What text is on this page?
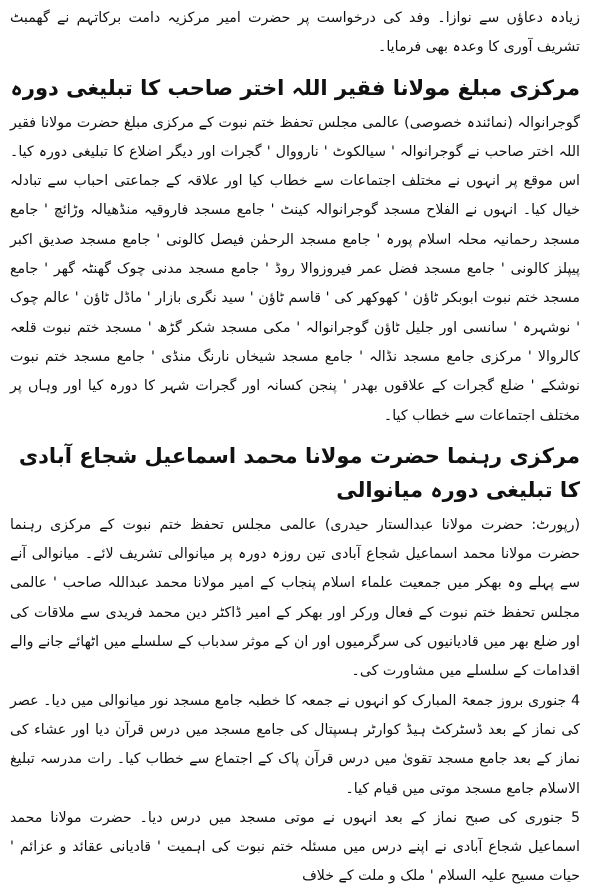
زیادہ دعاؤں سے نوازا۔ وفد کی درخواست پر حضرت امیر مرکزیہ دامت برکاتہم نے گھمبٹ تشریف آوری کا وعدہ بھی فرمایا۔

مرکزی مبلغ مولانا فقیر اللہ اختر صاحب کا تبلیغی دورہ

گوجرانوالہ (نمائندہ خصوصی) عالمی مجلس تحفظ ختم نبوت کے مرکزی مبلغ حضرت مولانا فقیر اللہ اختر صاحب نے گوجرانوالہ ' سیالکوٹ ' نارووال ' گجرات اور دیگر اضلاع کا تبلیغی دورہ کیا۔ اس موقع پر انہوں نے مختلف اجتماعات سے خطاب کیا اور علاقہ کے جماعتی احباب سے تبادلہ خیال کیا۔ انہوں نے الفلاح مسجد گوجرانوالہ کینٹ ' جامع مسجد فاروقیہ منڈھیالہ وڑائچ ' جامع مسجد رحمانیہ محلہ اسلام پورہ ' جامع مسجد الرحمٰن فیصل کالونی ' جامع مسجد صدیق اکبر پیپلز کالونی ' جامع مسجد فضل عمر فیروزوالا روڈ ' جامع مسجد مدنی چوک گھنٹہ گھر ' جامع مسجد ختم نبوت ابوبکر ٹاؤن ' کھوکھر کی ' قاسم ٹاؤن ' سید نگری بازار ' ماڈل ٹاؤن ' عالم چوک ' نوشہرہ ' سانسی اور جلیل ٹاؤن گوجرانوالہ ' مکی مسجد شکر گڑھ ' مسجد ختم نبوت قلعہ کالروالا ' مرکزی جامع مسجد نڈالہ ' جامع مسجد شیخاں نارنگ منڈی ' جامع مسجد ختم نبوت نوشکے ' ضلع گجرات کے علاقوں بھدر ' پنجن کسانہ اور گجرات شہر کا دورہ کیا اور وہاں پر مختلف اجتماعات سے خطاب کیا۔

مرکزی رہنما حضرت مولانا محمد اسماعیل شجاع آبادی کا تبلیغی دورہ میانوالی

(رپورٹ: حضرت مولانا عبدالستار حیدری) عالمی مجلس تحفظ ختم نبوت کے مرکزی رہنما حضرت مولانا محمد اسماعیل شجاع آبادی تین روزہ دورہ پر میانوالی تشریف لائے۔ میانوالی آنے سے پہلے وہ بھکر میں جمعیت علماء اسلام پنجاب کے امیر مولانا محمد عبداللہ صاحب ' عالمی مجلس تحفظ ختم نبوت کے فعال ورکر اور بھکر کے امیر ڈاکٹر دین محمد فریدی سے ملاقات کی اور ضلع بھر میں قادیانیوں کی سرگرمیوں اور ان کے موثر سدباب کے سلسلے میں اٹھائے جانے والے اقدامات کے سلسلے میں مشاورت کی۔

4 جنوری بروز جمعۃ المبارک کو انہوں نے جمعہ کا خطبہ جامع مسجد نور میانوالی میں دیا۔ عصر کی نماز کے بعد ڈسٹرکٹ ہیڈ کوارٹر ہسپتال کی جامع مسجد میں درس قرآن دیا اور عشاء کی نماز کے بعد جامع مسجد تقویٰ میں درس قرآن پاک کے اجتماع سے خطاب کیا۔ رات مدرسہ تبلیغ الاسلام جامع مسجد موتی میں قیام کیا۔

5 جنوری کی صبح نماز کے بعد انہوں نے موتی مسجد میں درس دیا۔ حضرت مولانا محمد اسماعیل شجاع آبادی نے اپنے درس میں مسئلہ ختم نبوت کی اہمیت ' قادیانی عقائد و عزائم ' حیات مسیح علیہ السلام ' ملک و ملت کے خلاف
